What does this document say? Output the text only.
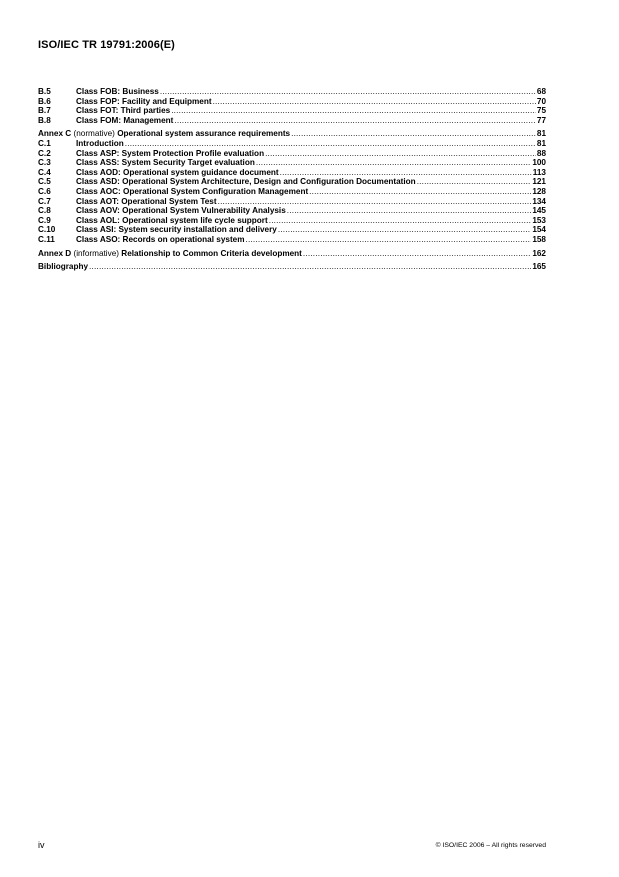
ISO/IEC TR 19791:2006(E)
B.5	Class FOB: Business .....	68
B.6	Class FOP: Facility and Equipment .....	70
B.7	Class FOT: Third parties .....	75
B.8	Class FOM: Management .....	77
Annex C (normative) Operational system assurance requirements .....	81
C.1	Introduction .....	81
C.2	Class ASP: System Protection Profile evaluation .....	88
C.3	Class ASS: System Security Target evaluation .....	100
C.4	Class AOD: Operational system guidance document .....	113
C.5	Class ASD: Operational System Architecture, Design and Configuration Documentation .....	121
C.6	Class AOC: Operational System Configuration Management .....	128
C.7	Class AOT: Operational System Test .....	134
C.8	Class AOV: Operational System Vulnerability Analysis .....	145
C.9	Class AOL: Operational system life cycle support .....	153
C.10	Class ASI: System security installation and delivery .....	154
C.11	Class ASO: Records on operational system .....	158
Annex D (informative) Relationship to Common Criteria development .....	162
Bibliography .....	165
iv	© ISO/IEC 2006 – All rights reserved
